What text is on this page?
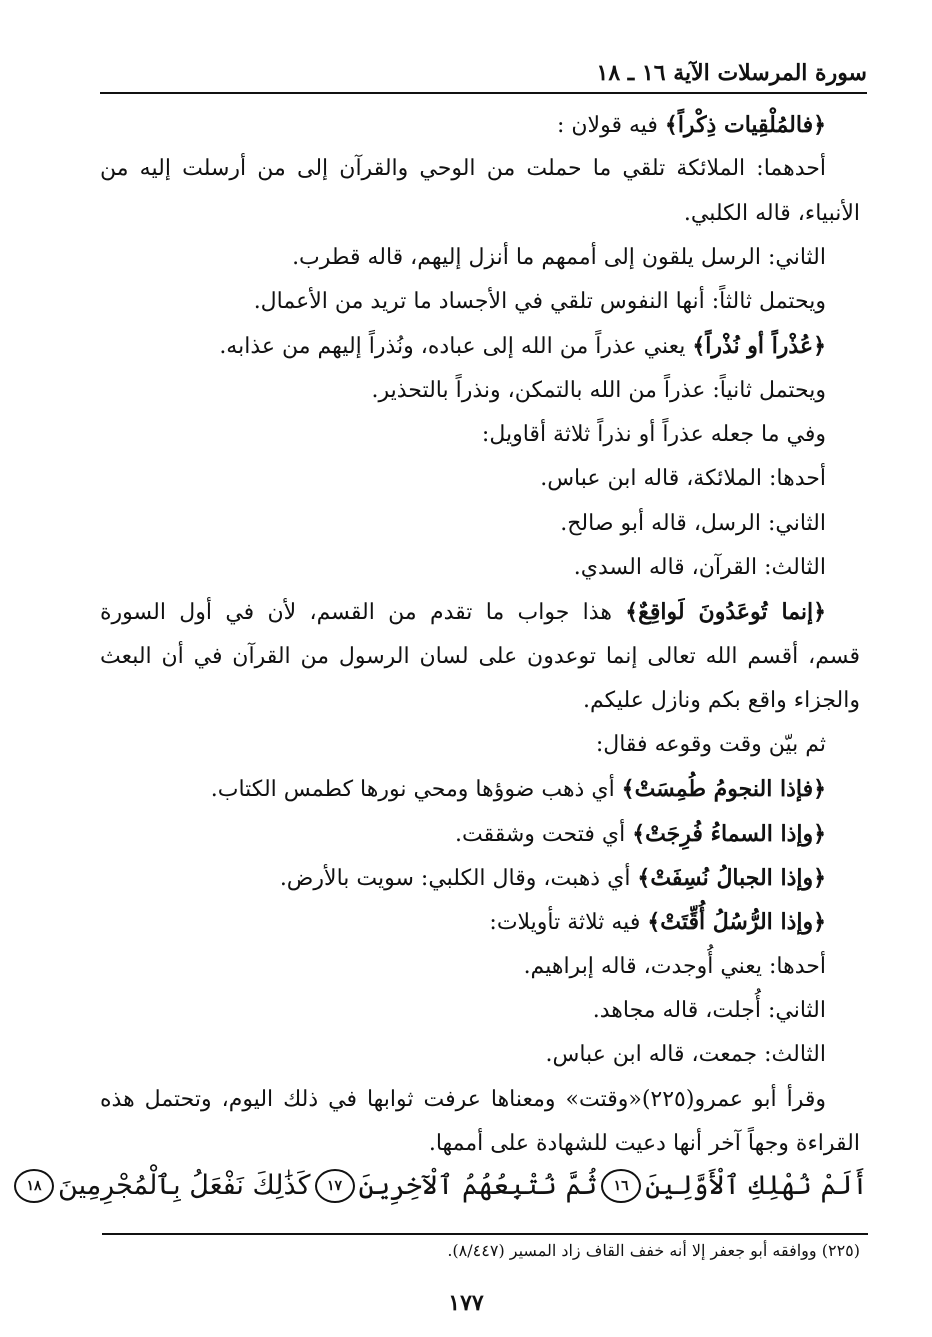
سورة المرسلات الآية ١٦ ـ ١٨
﴿فالمُلْقِيات ذِكْراً﴾ فيه قولان :
أحدهما: الملائكة تلقي ما حملت من الوحي والقرآن إلى من أرسلت إليه من
الأنبياء، قاله الكلبي.
الثاني: الرسل يلقون إلى أممهم ما أنزل إليهم، قاله قطرب.
ويحتمل ثالثاً: أنها النفوس تلقي في الأجساد ما تريد من الأعمال.
﴿عُذْراً أو نُذْراً﴾ يعني عذراً من الله إلى عباده، ونُذراً إليهم من عذابه.
ويحتمل ثانياً: عذراً من الله بالتمكن، ونذراً بالتحذير.
وفي ما جعله عذراً أو نذراً ثلاثة أقاويل:
أحدها: الملائكة، قاله ابن عباس.
الثاني: الرسل، قاله أبو صالح.
الثالث: القرآن، قاله السدي.
﴿إنما تُوعَدُونَ لَواقِعٌ﴾ هذا جواب ما تقدم من القسم، لأن في أول السورة
قسم، أقسم الله تعالى إنما توعدون على لسان الرسول من القرآن في أن البعث
والجزاء واقع بكم ونازل عليكم.
ثم بيّن وقت وقوعه فقال:
﴿فإذا النجومُ طُمِسَتْ﴾ أي ذهب ضوؤها ومحي نورها كطمس الكتاب.
﴿وإذا السماءُ فُرِجَتْ﴾ أي فتحت وشققت.
﴿وإذا الجبالُ نُسِفَتْ﴾ أي ذهبت، وقال الكلبي: سويت بالأرض.
﴿وإذا الرُّسُلُ أُقِّتَتْ﴾ فيه ثلاثة تأويلات:
أحدها: يعني أُوجدت، قاله إبراهيم.
الثاني: أُجلت، قاله مجاهد.
الثالث: جمعت، قاله ابن عباس.
وقرأ أبو عمرو(٢٢٥)«وقتت» ومعناها عرفت ثوابها في ذلك اليوم، وتحتمل هذه
القراءة وجهاً آخر أنها دعيت للشهادة على أممها.
أَلَمْ نُهْلِكِ ٱلْأَوَّلِينَ
١٦
ثُمَّ نُتْبِعُهُمُ ٱلْآخِرِينَ
١٧
كَذَٰلِكَ نَفْعَلُ بِٱلْمُجْرِمِينَ
١٨
(٢٢٥) ووافقه أبو جعفر إلا أنه خفف القاف زاد المسير (٨/٤٤٧).
١٧٧
